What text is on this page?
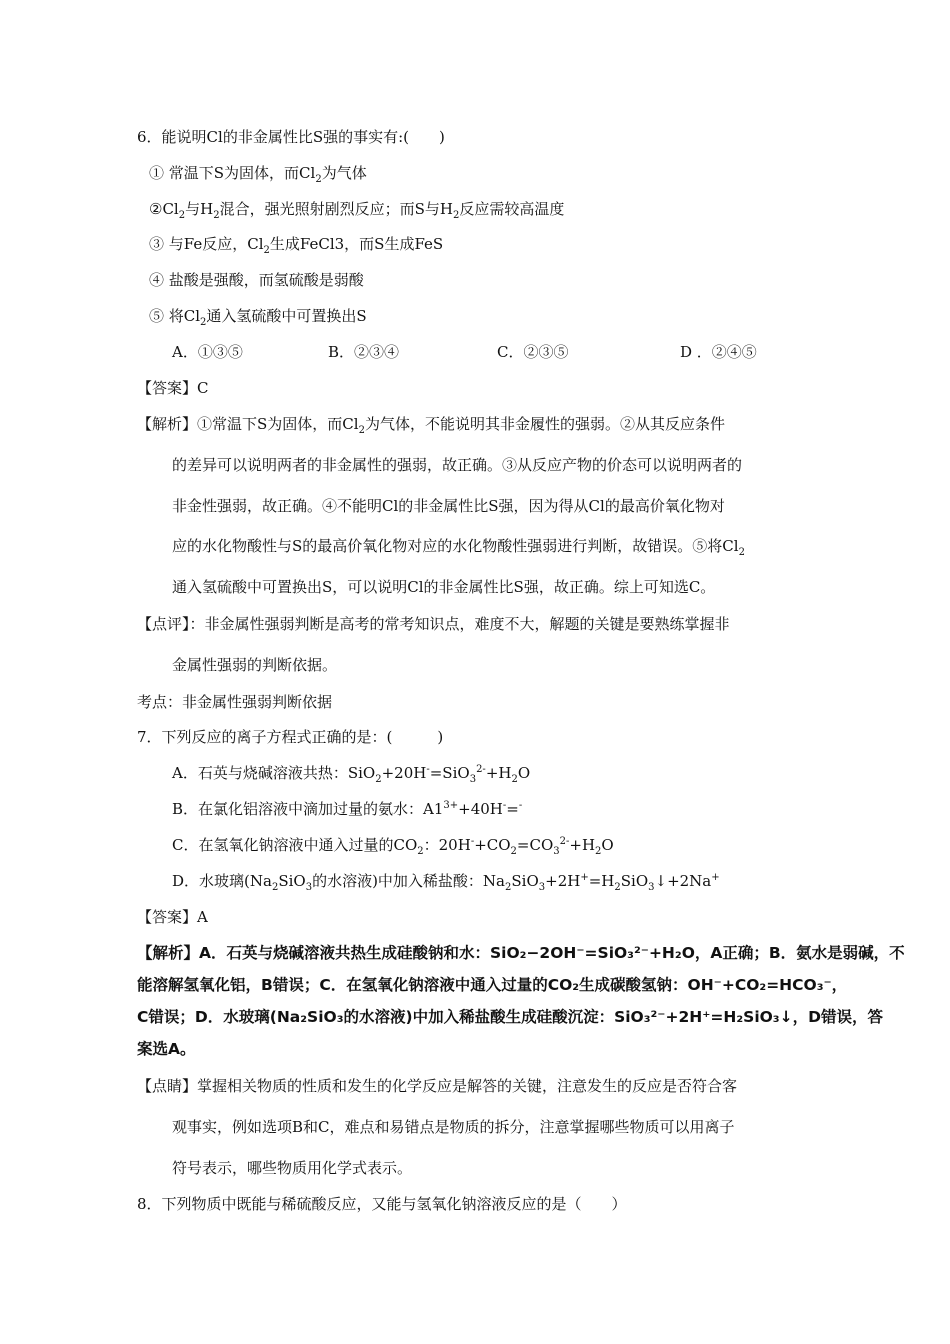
6．能说明Cl的非金属性比S强的事实有:(　　)
① 常温下S为固体，而$Cl_2$为气体
$②Cl_2$与$H_2$混合，强光照射剧烈反应；而S与$H_2$反应需较高温度
③ 与Fe反应，$Cl_2$生成FeCl3，而S生成FeS
④ 盐酸是强酸，而氢硫酸是弱酸
⑤ 将$Cl_2$通入氢硫酸中可置换出S
A．①③⑤	B．②③④	C．②③⑤	D ．②④⑤
【答案】C
【解析】①常温下S为固体，而$Cl_2$为气体，不能说明其非金履性的强弱。②从其反应条件
的差异可以说明两者的非金属性的强弱，故正确。③从反应产物的价态可以说明两者的
非金性强弱，故正确。④不能明Cl的非金属性比S强，因为得从Cl的最高价氧化物对
应的水化物酸性与S的最高价氧化物对应的水化物酸性强弱进行判断，故错误。⑤将$Cl_2$
通入氢硫酸中可置换出S，可以说明Cl的非金属性比S强，故正确。综上可知选C。
【点评】：非金属性强弱判断是高考的常考知识点，难度不大，解题的关键是要熟练掌握非
金属性强弱的判断依据。
考点：非金属性强弱判断依据
7．下列反应的离子方程式正确的是：(　　　)
A．石英与烧碱溶液共热：$SiO_2+20H^-=SiO_3^{2-}+H_2O$
B．在氯化铝溶液中滴加过量的氨水：$A1^{3+}+40H^-=^-$
C．在氢氧化钠溶液中通入过量的$CO_2$：$20H^-+CO_2=CO_3^{2-}+H_2O$
D．水玻璃($Na_2SiO_3$的水溶液)中加入稀盐酸：$Na_2SiO_3+2H^+=H_2SiO_3↓+2Na^+$
【答案】A
【解析】A．石英与烧碱溶液共热生成硅酸钠和水：SiO₂−2OH⁻=SiO₃²⁻+H₂O，A正确；B．氨水是弱碱，不
能溶解氢氧化铝，B错误；C．在氢氧化钠溶液中通入过量的CO₂生成碳酸氢钠：OH⁻+CO₂=HCO₃⁻，
C错误；D．水玻璃(Na₂SiO₃的水溶液)中加入稀盐酸生成硅酸沉淀：SiO₃²⁻+2H⁺=H₂SiO₃↓，D错误，答
案选A。
【点睛】掌握相关物质的性质和发生的化学反应是解答的关键，注意发生的反应是否符合客
观事实，例如选项B和C，难点和易错点是物质的拆分，注意掌握哪些物质可以用离子
符号表示，哪些物质用化学式表示。
8．下列物质中既能与稀硫酸反应，又能与氢氧化钠溶液反应的是（　　）
